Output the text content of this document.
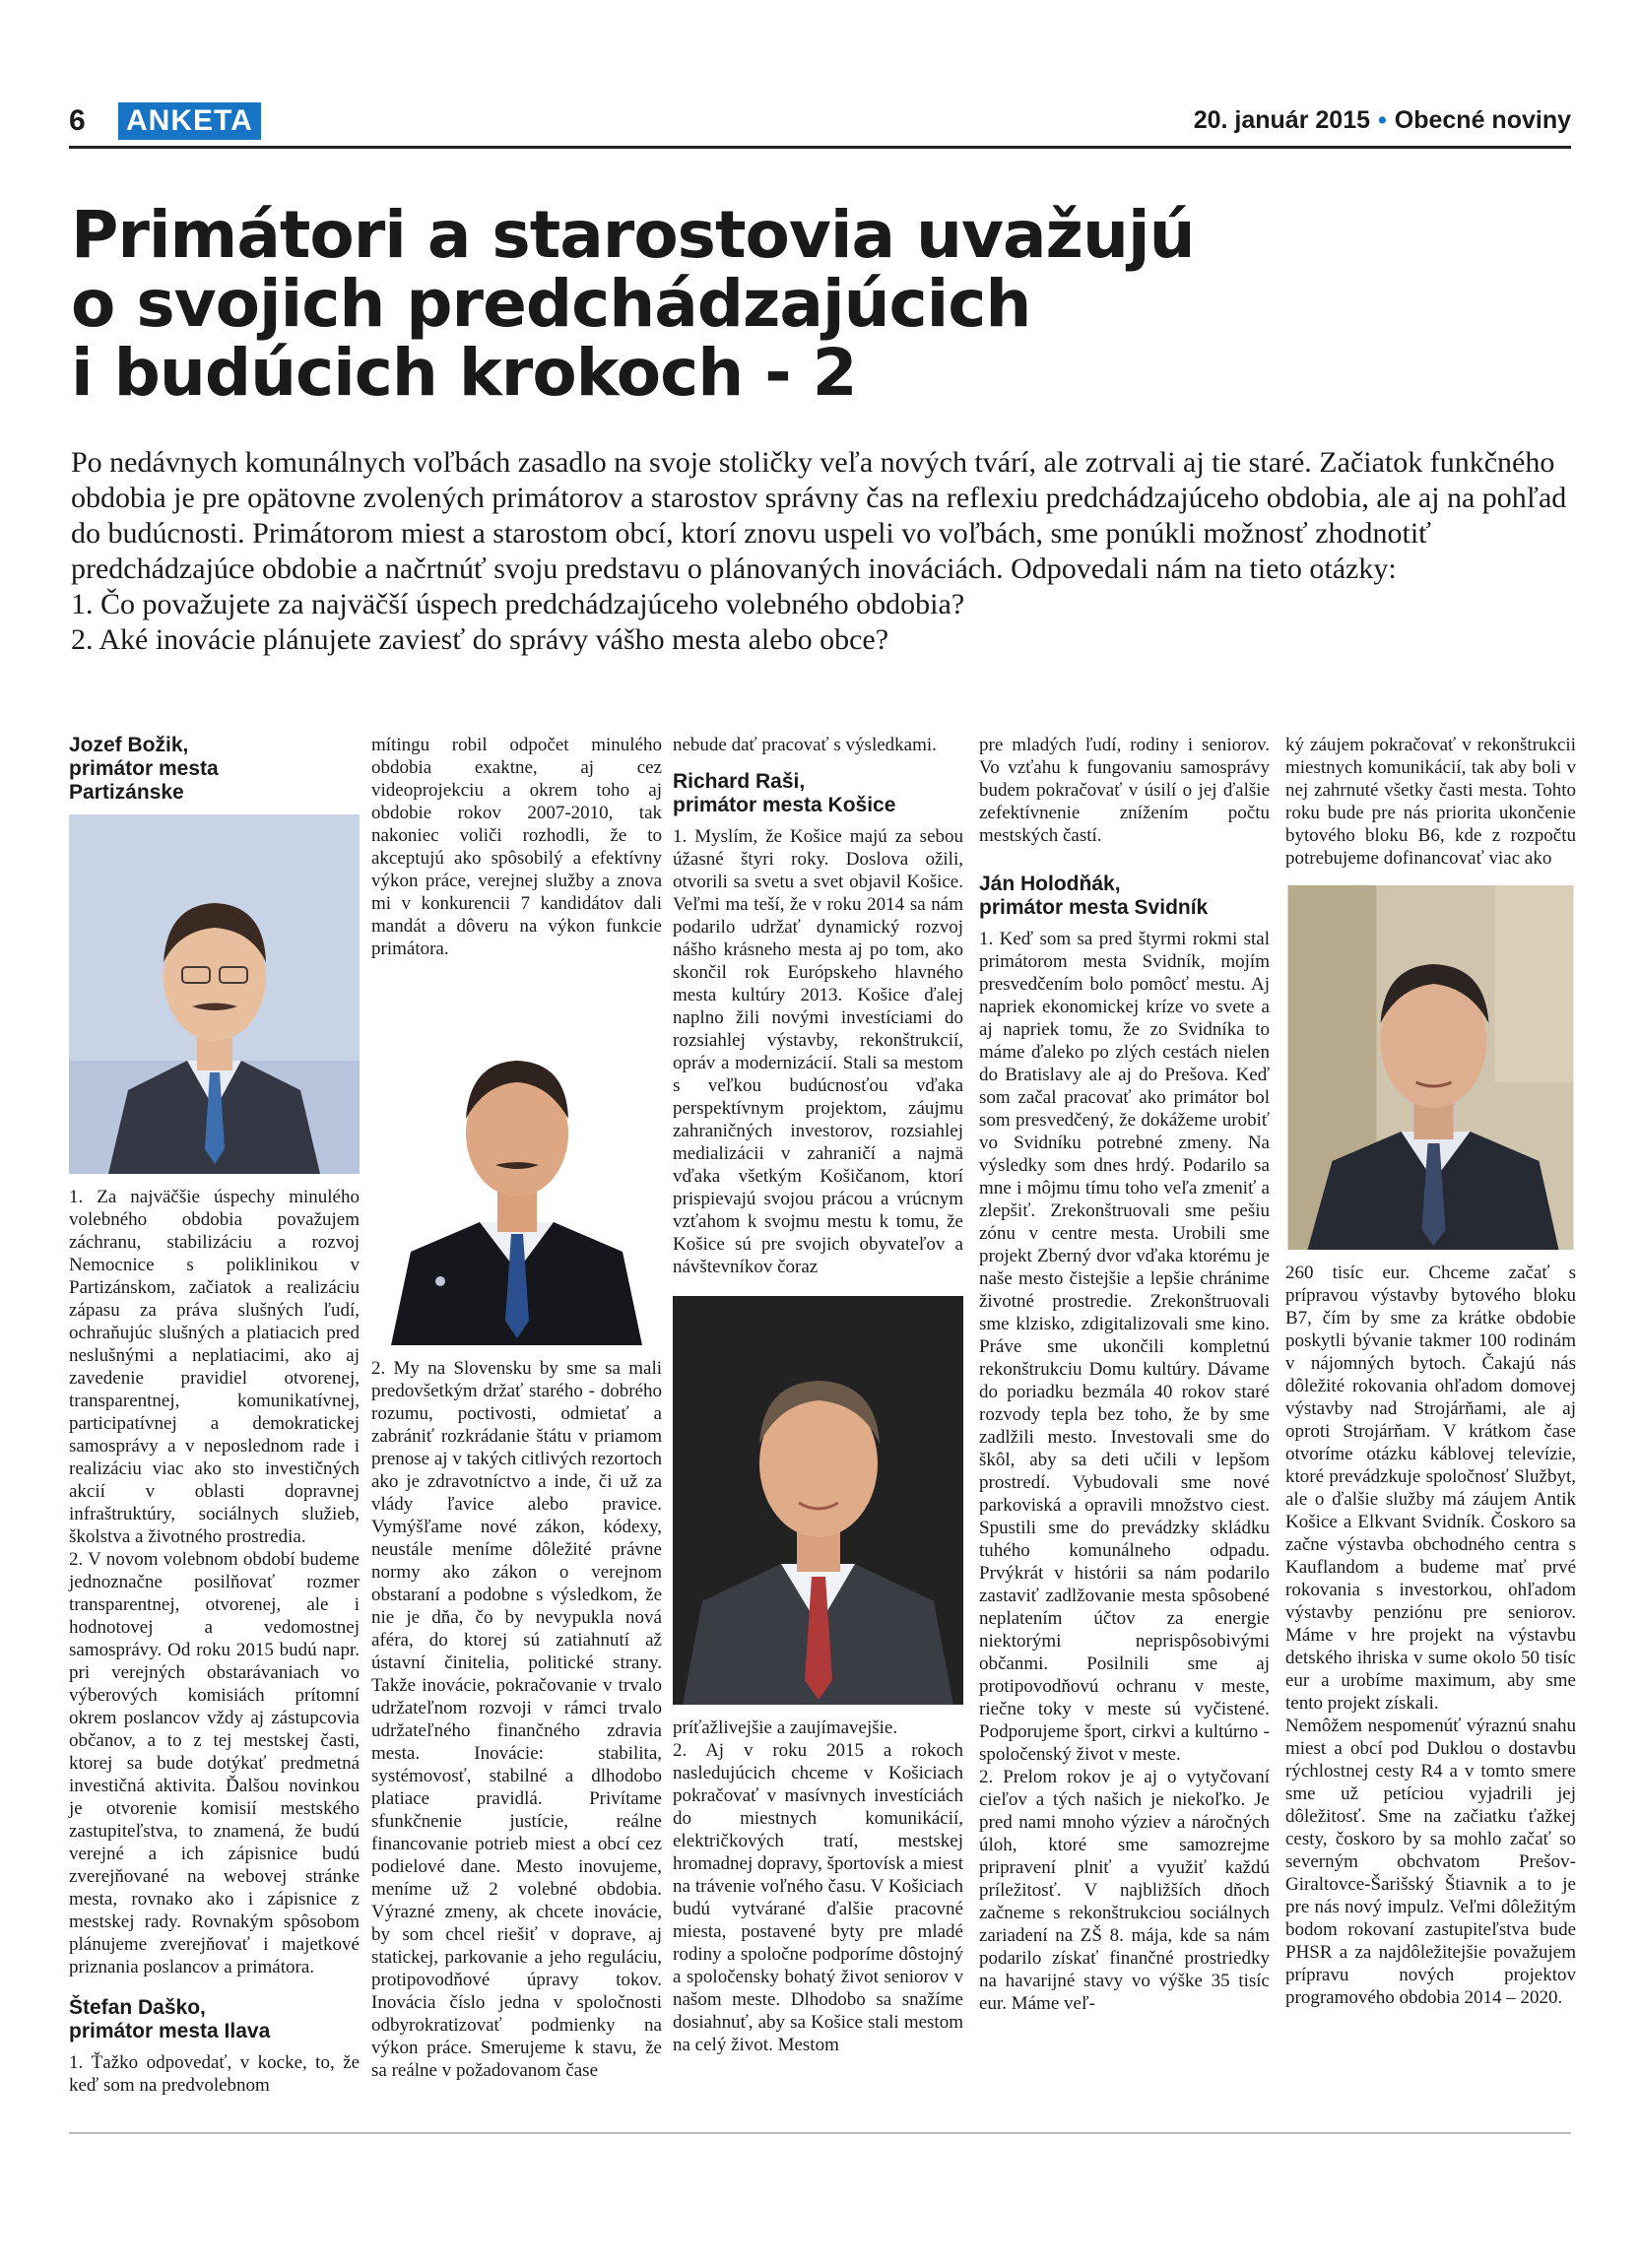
6 ANKETA	20. január 2015 • Obecné noviny
Primátori a starostovia uvažujú
o svojich predchádzajúcich
i budúcich krokoch - 2

Po nedávnych komunálnych voľbách zasadlo na svoje stoličky veľa nových tvárí, ale zotrvali aj tie staré. Začiatok funkčného obdobia je pre opätovne zvolených primátorov a starostov správny čas na reflexiu predchádzajúceho obdobia, ale aj na pohľad do budúcnosti. Primátorom miest a starostom obcí, ktorí znovu uspeli vo voľbách, sme ponúkli možnosť zhodnotiť predchádzajúce obdobie a načrtnúť svoju predstavu o plánovaných inováciách. Odpovedali nám na tieto otázky:

1. Čo považujete za najväčší úspech predchádzajúceho volebného obdobia?

2. Aké inovácie plánujete zaviesť do správy vášho mesta alebo obce?

Jozef Božik,
primátor mesta
Partizánske

1. Za najväčšie úspechy minulého volebného obdobia považujem záchranu, stabilizáciu a rozvoj Nemocnice s poliklinikou v Partizánskom, začiatok a realizáciu zápasu za práva slušných ľudí, ochraňujúc slušných a platiacich pred neslušnými a neplatiacimi, ako aj zavedenie pravidiel otvorenej, transparentnej, komunikatívnej, participatívnej a demokratickej samosprávy a v neposlednom rade i realizáciu viac ako sto investičných akcií v oblasti dopravnej infraštruktúry, sociálnych služieb, školstva a životného prostredia.

2. V novom volebnom období budeme jednoznačne posilňovať rozmer transparentnej, otvorenej, ale i hodnotovej a vedomostnej samosprávy. Od roku 2015 budú napr. pri verejných obstarávaniach vo výberových komisiách prítomní okrem poslancov vždy aj zástupcovia občanov, a to z tej mestskej časti, ktorej sa bude dotýkať predmetná investičná aktivita. Ďalšou novinkou je otvorenie komisií mestského zastupiteľstva, to znamená, že budú verejné a ich zápisnice budú zverejňované na webovej stránke mesta, rovnako ako i zápisnice z mestskej rady. Rovnakým spôsobom plánujeme zverejňovať i majetkové priznania poslancov a primátora.

Štefan Daško,
primátor mesta Ilava

1. Ťažko odpovedať, v kocke, to, že keď som na predvolebnom

mítingu robil odpočet minulého obdobia exaktne, aj cez videoprojekciu a okrem toho aj obdobie rokov 2007-2010, tak nakoniec voliči rozhodli, že to akceptujú ako spôsobilý a efektívny výkon práce, verejnej služby a znova mi v konkurencii 7 kandidátov dali mandát a dôveru na výkon funkcie primátora.

2. My na Slovensku by sme sa mali predovšetkým držať starého - dobrého rozumu, poctivosti, odmietať a zabrániť rozkrádanie štátu v priamom prenose aj v takých citlivých rezortoch ako je zdravotníctvo a inde, či už za vlády ľavice alebo pravice. Vymýšľame nové zákon, kódexy, neustále meníme dôležité právne normy ako zákon o verejnom obstaraní a podobne s výsledkom, že nie je dňa, čo by nevypukla nová aféra, do ktorej sú zatiahnutí až ústavní činitelia, politické strany. Takže inovácie, pokračovanie v trvalo udržateľnom rozvoji v rámci trvalo udržateľného finančného zdravia mesta. Inovácie: stabilita, systémovosť, stabilné a dlhodobo platiace pravidlá. Privítame sfunkčnenie justície, reálne financovanie potrieb miest a obcí cez podielové dane. Mesto inovujeme, meníme už 2 volebné obdobia. Výrazné zmeny, ak chcete inovácie, by som chcel riešiť v doprave, aj statickej, parkovanie a jeho reguláciu, protipovodňové úpravy tokov. Inovácia číslo jedna v spoločnosti odbyrokratizovať podmienky na výkon práce. Smerujeme k stavu, že sa reálne v požadovanom čase

nebude dať pracovať s výsledkami.

Richard Raši,
primátor mesta Košice

1. Myslím, že Košice majú za sebou úžasné štyri roky. Doslova ožili, otvorili sa svetu a svet objavil Košice. Veľmi ma teší, že v roku 2014 sa nám podarilo udržať dynamický rozvoj nášho krásneho mesta aj po tom, ako skončil rok Európskeho hlavného mesta kultúry 2013. Košice ďalej naplno žili novými investíciami do rozsiahlej výstavby, rekonštrukcií, opráv a modernizácií. Stali sa mestom s veľkou budúcnosťou vďaka perspektívnym projektom, záujmu zahraničných investorov, rozsiahlej medializácii v zahraničí a najmä vďaka všetkým Košičanom, ktorí prispievajú svojou prácou a vrúcnym vzťahom k svojmu mestu k tomu, že Košice sú pre svojich obyvateľov a návštevníkov čoraz

príťažlivejšie a zaujímavejšie.

2. Aj v roku 2015 a rokoch nasledujúcich chceme v Košiciach pokračovať v masívnych investíciách do miestnych komunikácií, električkových tratí, mestskej hromadnej dopravy, športovísk a miest na trávenie voľného času. V Košiciach budú vytvárané ďalšie pracovné miesta, postavené byty pre mladé rodiny a spoločne podporíme dôstojný a spoločensky bohatý život seniorov v našom meste. Dlhodobo sa snažíme dosiahnuť, aby sa Košice stali mestom na celý život. Mestom

pre mladých ľudí, rodiny i seniorov. Vo vzťahu k fungovaniu samosprávy budem pokračovať v úsilí o jej ďalšie zefektívnenie znížením počtu mestských častí.

Ján Holodňák,
primátor mesta Svidník

1. Keď som sa pred štyrmi rokmi stal primátorom mesta Svidník, mojím presvedčením bolo pomôcť mestu. Aj napriek ekonomickej krízе vo svete a aj napriek tomu, že zo Svidníka to máme ďaleko po zlých cestách nielen do Bratislavy ale aj do Prešova. Keď som začal pracovať ako primátor bol som presvedčený, že dokážeme urobiť vo Svidníku potrebné zmeny. Na výsledky som dnes hrdý. Podarilo sa mne i môjmu tímu toho veľa zmeniť a zlepšiť. Zrekonštruovali sme pešiu zónu v centre mesta. Urobili sme projekt Zberný dvor vďaka ktorému je naše mesto čistejšie a lepšie chránime životné prostredie. Zrekonštruovali sme klzisko, zdigitalizovali sme kino. Práve sme ukončili kompletnú rekonštrukciu Domu kultúry. Dávame do poriadku bezmála 40 rokov staré rozvody tepla bez toho, že by sme zadlžili mesto. Investovali sme do škôl, aby sa deti učili v lepšom prostredí. Vybudovali sme nové parkoviská a opravili množstvo ciest. Spustili sme do prevádzky skládku tuhého komunálneho odpadu. Prvýkrát v histórii sa nám podarilo zastaviť zadlžovanie mesta spôsobené neplatením účtov za energie niektorými neprispôsobivými občanmi. Posilnili sme aj protipovodňovú ochranu v meste, riečne toky v meste sú vyčistené. Podporujeme šport, cirkvi a kultúrno - spoločenský život v meste.

2. Prelom rokov je aj o vytyčovaní cieľov a tých našich je niekoľko. Je pred nami mnoho výziev a náročných úloh, ktoré sme samozrejme pripravení plniť a využiť každú príležitosť. V najbližších dňoch začneme s rekonštrukciou sociálnych zariadení na ZŠ 8. mája, kde sa nám podarilo získať finančné prostriedky na havarijné stavy vo výške 35 tisíc eur. Máme veľ-

ký záujem pokračovať v rekonštrukcii miestnych komunikácií, tak aby boli v nej zahrnuté všetky časti mesta. Tohto roku bude pre nás priorita ukončenie bytového bloku B6, kde z rozpočtu potrebujeme dofinancovať viac ako

260 tisíc eur. Chceme začať s prípravou výstavby bytového bloku B7, čím by sme za krátke obdobie poskytli bývanie takmer 100 rodinám v nájomných bytoch. Čakajú nás dôležité rokovania ohľadom domovej výstavby nad Strojárňami, ale aj oproti Strojárňam. V krátkom čase otvoríme otázku káblovej televízie, ktoré prevádzkuje spoločnosť Službyt, ale o ďalšie služby má záujem Antik Košice a Elkvant Svidník. Čoskoro sa začne výstavba obchodného centra s Kauflandom a budeme mať prvé rokovania s investorkou, ohľadom výstavby penziónu pre seniorov. Máme v hre projekt na výstavbu detského ihriska v sume okolo 50 tisíc eur a urobíme maximum, aby sme tento projekt získali.

Nemôžem nespomenúť výraznú snahu miest a obcí pod Duklou o dostavbu rýchlostnej cesty R4 a v tomto smere sme už petíciou vyjadrili jej dôležitosť. Sme na začiatku ťažkej cesty, čoskoro by sa mohlo začať so severným obchvatom Prešov-Giraltovce-Šarišský Štiavnik a to je pre nás nový impulz. Veľmi dôležitým bodom rokovaní zastupiteľstva bude PHSR a za najdôležitejšie považujem prípravu nových projektov programového obdobia 2014 – 2020.
